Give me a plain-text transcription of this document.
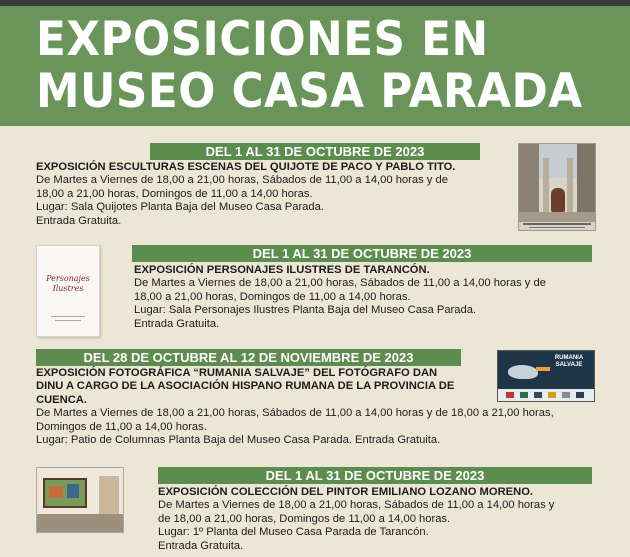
EXPOSICIONES EN
MUSEO CASA PARADA
DEL 1 AL 31 DE OCTUBRE DE 2023
EXPOSICIÓN ESCULTURAS ESCENAS DEL QUIJOTE DE PACO Y PABLO TITO.
De Martes a Viernes de 18,00 a 21,00 horas, Sábados de 11,00 a 14,00 horas y de
18,00 a 21,00 horas, Domingos de 11,00 a 14,00 horas.
Lugar: Sala Quijotes Planta Baja del Museo Casa Parada.
Entrada Gratuita.
DEL 1 AL 31 DE OCTUBRE DE 2023
Personajes Ilustres
EXPOSICIÓN PERSONAJES ILUSTRES DE TARANCÓN.
De Martes a Viernes de 18,00 a 21,00 horas, Sábados de 11,00 a 14,00 horas y de
18,00 a 21,00 horas, Domingos de 11,00 a 14,00 horas.
Lugar: Sala Personajes Ilustres Planta Baja del Museo Casa Parada.
Entrada Gratuita.
DEL 28 DE OCTUBRE AL 12 DE NOVIEMBRE DE 2023
EXPOSICIÓN FOTOGRÁFICA “RUMANIA SALVAJE” DEL FOTÓGRAFO DAN
DINU A CARGO DE LA ASOCIACIÓN HISPANO RUMANA DE LA PROVINCIA DE
CUENCA.
De Martes a Viernes de 18,00 a 21,00 horas, Sábados de 11,00 a 14,00 horas y de 18,00 a 21,00 horas,
Domingos de 11,00 a 14,00 horas.
Lugar: Patio de Columnas Planta Baja del Museo Casa Parada. Entrada Gratuita.
RUMANIA SALVAJE
DEL 1 AL 31 DE OCTUBRE DE 2023
EXPOSICIÓN COLECCIÓN DEL PINTOR EMILIANO LOZANO MORENO.
De Martes a Viernes de 18,00 a 21,00 horas, Sábados de 11,00 a 14,00 horas y
de 18,00 a 21,00 horas, Domingos de 11,00 a 14,00 horas.
Lugar: 1º Planta del Museo Casa Parada de Tarancón.
Entrada Gratuita.
